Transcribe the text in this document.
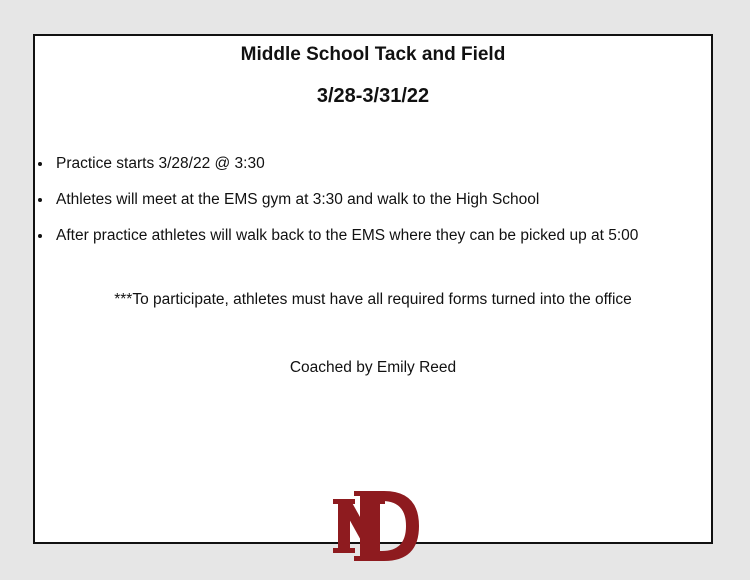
Middle School Tack and Field
3/28-3/31/22
Practice starts 3/28/22 @ 3:30
Athletes will meet at the EMS gym at 3:30 and walk to the High School
After practice athletes will walk back to the EMS where they can be picked up at 5:00
***To participate, athletes must have all required forms turned into the office
Coached by Emily Reed
